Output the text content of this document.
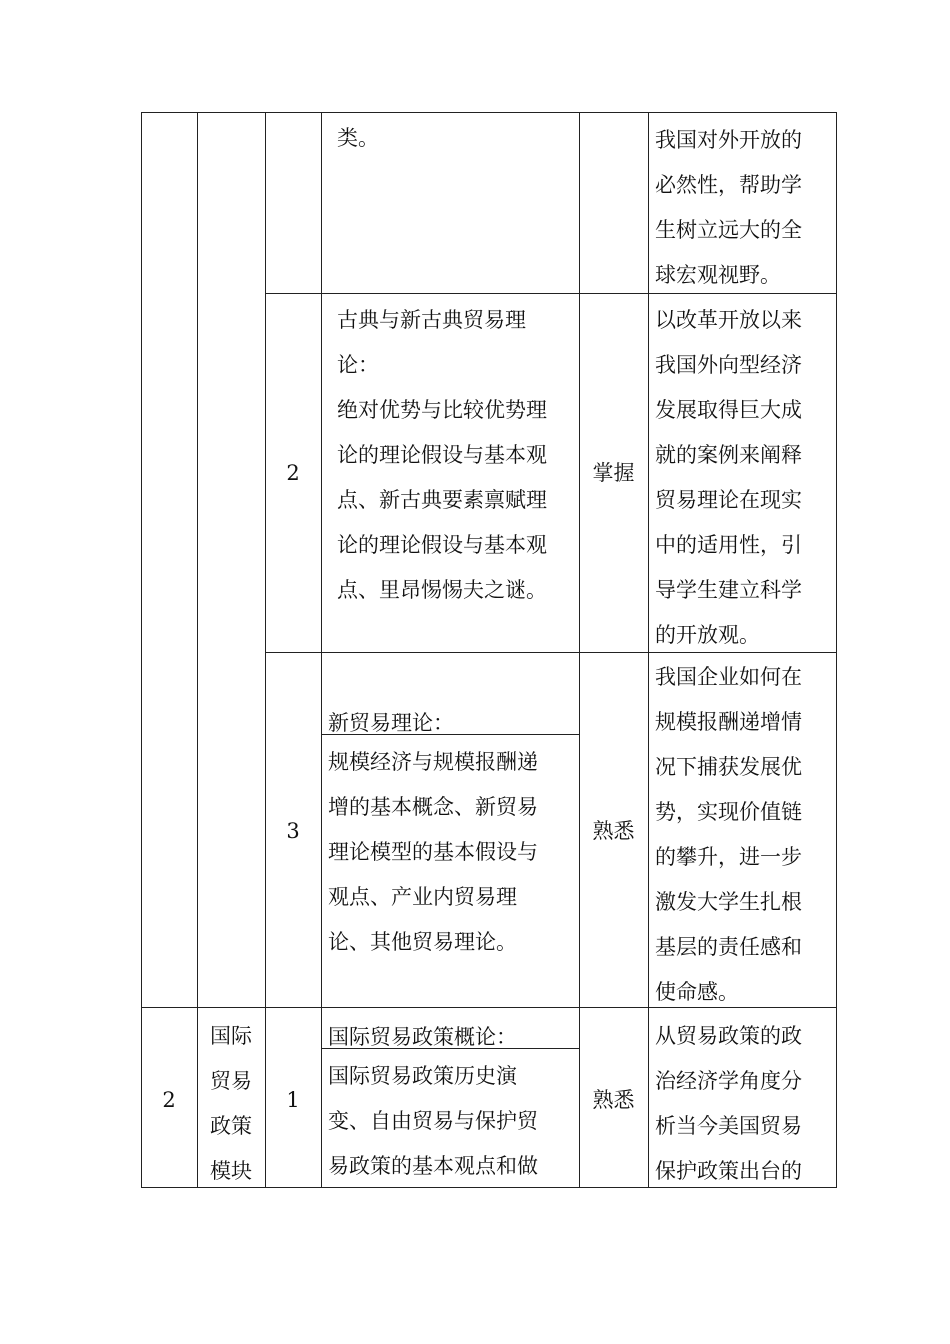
类。	我国对外开放的
必然性，帮助学
生树立远大的全
球宏观视野。
2
古典与新古典贸易理
论：
绝对优势与比较优势理
论的理论假设与基本观
点、新古典要素禀赋理
论的理论假设与基本观
点、里昂惕惕夫之谜。
掌握
以改革开放以来
我国外向型经济
发展取得巨大成
就的案例来阐释
贸易理论在现实
中的适用性，引
导学生建立科学
的开放观。
3
新贸易理论：
规模经济与规模报酬递
增的基本概念、新贸易
理论模型的基本假设与
观点、产业内贸易理
论、其他贸易理论。
熟悉
我国企业如何在
规模报酬递增情
况下捕获发展优
势，实现价值链
的攀升，进一步
激发大学生扎根
基层的责任感和
使命感。
2
国际
贸易
政策
模块
1
国际贸易政策概论：
国际贸易政策历史演
变、自由贸易与保护贸
易政策的基本观点和做
熟悉
从贸易政策的政
治经济学角度分
析当今美国贸易
保护政策出台的
